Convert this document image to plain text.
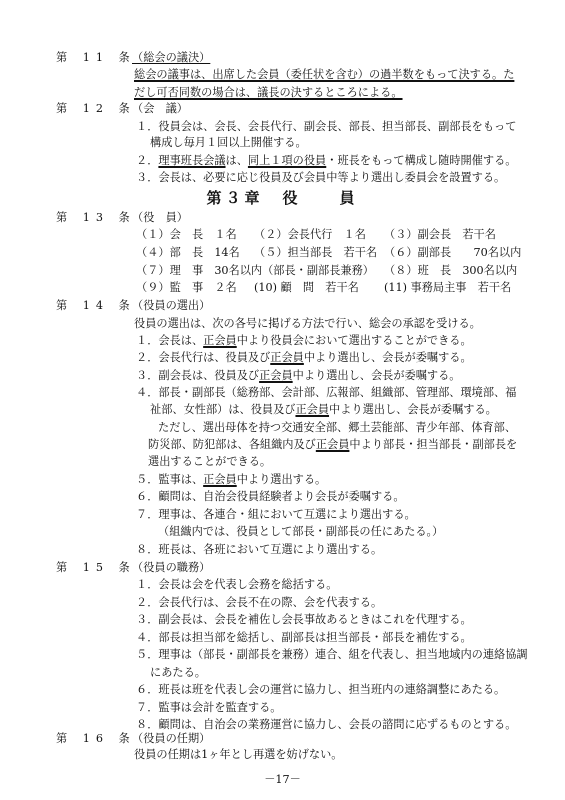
第 11 条
（総会の議決）
総会の議事は、出席した会員（委任状を含む）の過半数をもって決する。た
だし可否同数の場合は、議長の決するところによる。
第 12 条
（会　議）
１．役員会は、会長、会長代行、副会長、部長、担当部長、副部長をもって
構成し毎月１回以上開催する。
２．理事班長会議は、同上１項の役員・班長をもって構成し随時開催する。
３．会長は、必要に応じ役員及び会員中等より選出し委員会を設置する。
第３章　役　　員
第 13 条
（役　員）
（１）会　長　１名 （２）会長代行　１名 （３）副会長　若干名
（４）部　長　14名 （５）担当部長　若干名 （６）副部長　　70名以内
（７）理　事　30名以内（部長・副部長兼務） （８）班　長　300名以内
（９）監　事　２名 (10) 顧　問　若干名 (11) 事務局主事　若干名
第 14 条
（役員の選出）
役員の選出は、次の各号に掲げる方法で行い、総会の承認を受ける。
１．会長は、正会員中より役員会において選出することができる。
２．会長代行は、役員及び正会員中より選出し、会長が委嘱する。
３．副会長は、役員及び正会員中より選出し、会長が委嘱する。
４．部長・副部長（総務部、会計部、広報部、組織部、管理部、環境部、福
祉部、女性部）は、役員及び正会員中より選出し、会長が委嘱する。
ただし、選出母体を持つ交通安全部、郷土芸能部、青少年部、体育部、
防災部、防犯部は、各組織内及び正会員中より部長・担当部長・副部長を
選出することができる。
５．監事は、正会員中より選出する。
６．顧問は、自治会役員経験者より会長が委嘱する。
７．理事は、各連合・組において互選により選出する。
（組織内では、役員として部長・副部長の任にあたる。）
８．班長は、各班において互選により選出する。
第 15 条
（役員の職務）
１．会長は会を代表し会務を総括する。
２．会長代行は、会長不在の際、会を代表する。
３．副会長は、会長を補佐し会長事故あるときはこれを代理する。
４．部長は担当部を総括し、副部長は担当部長・部長を補佐する。
５．理事は（部長・副部長を兼務）連合、組を代表し、担当地域内の連絡協調
にあたる。
６．班長は班を代表し会の運営に協力し、担当班内の連絡調整にあたる。
７．監事は会計を監査する。
８．顧問は、自治会の業務運営に協力し、会長の諮問に応ずるものとする。
第 16 条
（役員の任期）
役員の任期は1ヶ年とし再選を妨げない。
－17－
